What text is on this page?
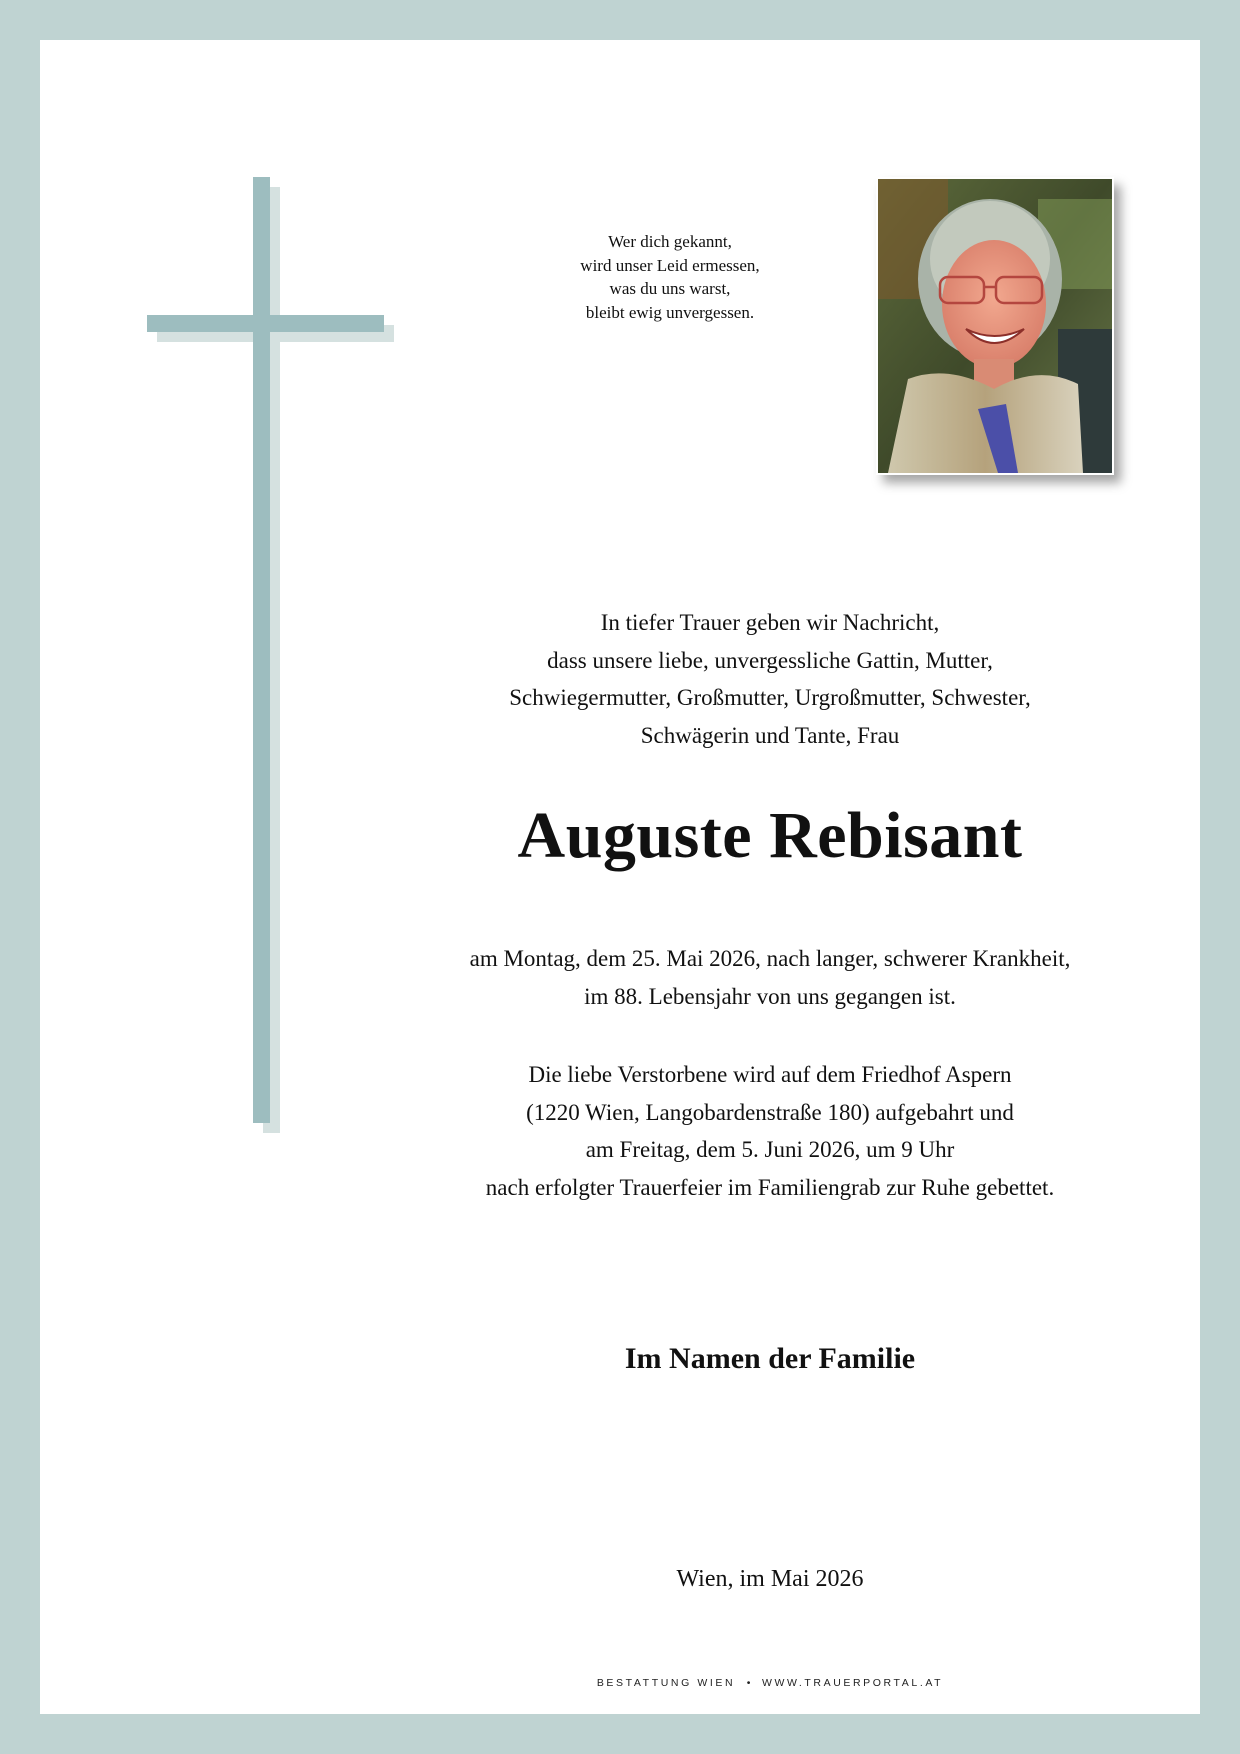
Wer dich gekannt,
wird unser Leid ermessen,
was du uns warst,
bleibt ewig unvergessen.
In tiefer Trauer geben wir Nachricht,
dass unsere liebe, unvergessliche Gattin, Mutter,
Schwiegermutter, Großmutter, Urgroßmutter, Schwester,
Schwägerin und Tante, Frau
Auguste Rebisant
am Montag, dem 25. Mai 2026, nach langer, schwerer Krankheit,
im 88. Lebensjahr von uns gegangen ist.
Die liebe Verstorbene wird auf dem Friedhof Aspern
(1220 Wien, Langobardenstraße 180) aufgebahrt und
am Freitag, dem 5. Juni 2026, um 9 Uhr
nach erfolgter Trauerfeier im Familiengrab zur Ruhe gebettet.
Im Namen der Familie
Wien, im Mai 2026
BESTATTUNG WIEN • WWW.TRAUERPORTAL.AT
